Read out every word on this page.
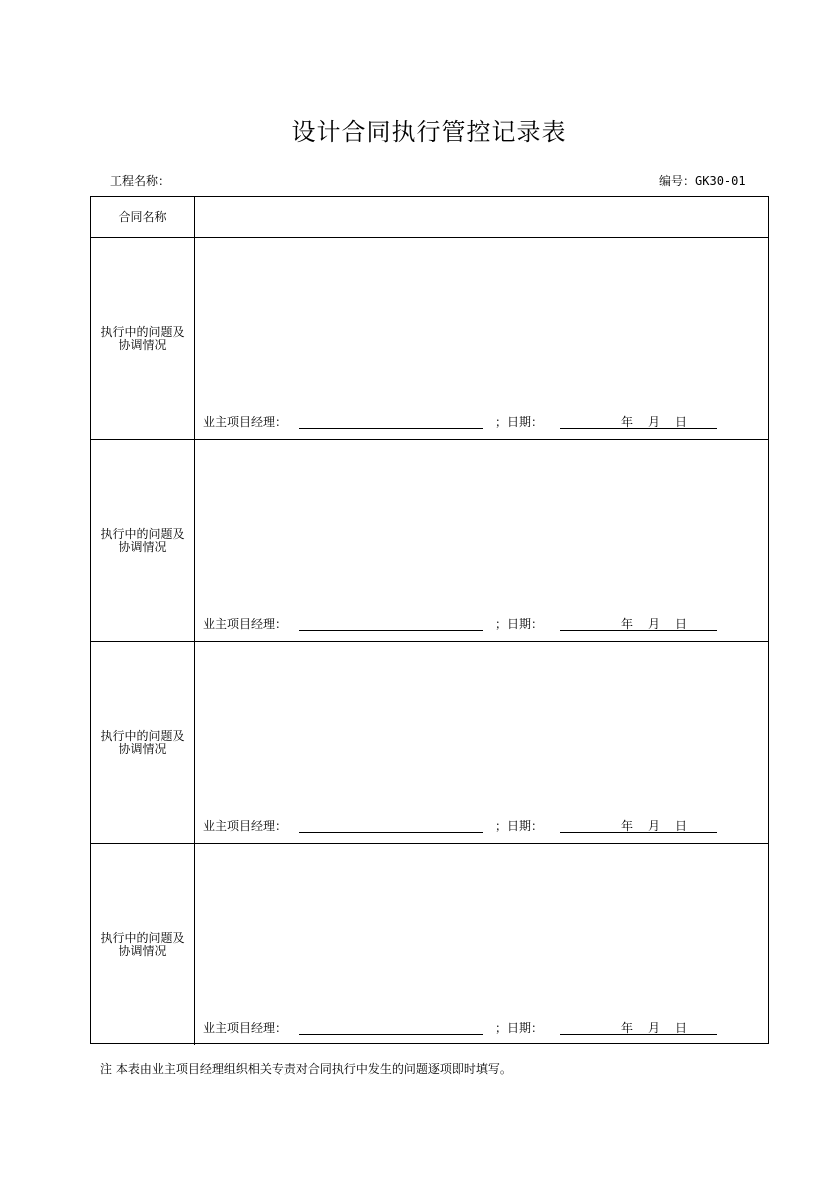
设计合同执行管控记录表
工程名称：	编号：GK30-01
合同名称
执行中的问题及
协调情况
业主项目经理：	；日期：	年 月 日
执行中的问题及
协调情况
业主项目经理：	；日期：	年 月 日
执行中的问题及
协调情况
业主项目经理：	；日期：	年 月 日
执行中的问题及
协调情况
业主项目经理：	；日期：	年 月 日
注 本表由业主项目经理组织相关专责对合同执行中发生的问题逐项即时填写。
